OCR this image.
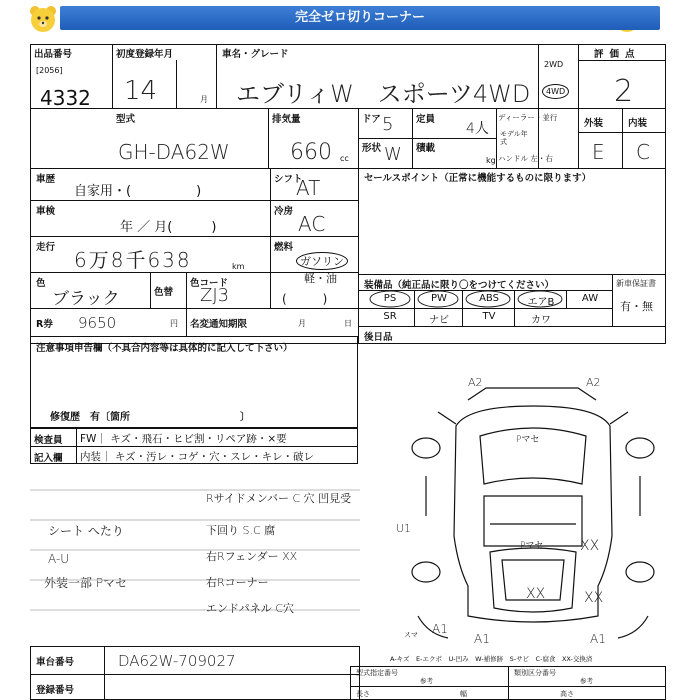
完全ゼロ切りコーナー
出品番号
[2056]
4332
初度登録年月
14	月
車名・グレード
エブリィW　スポーツ4WD
2WD
4WD
評価点
2
型式
GH-DA62W
排気量
660 cc
ドア 5
形状 W
定員
4人
積載
kg
ディーラー・並行
モデル年式
ハンドル 左・右
外装	内装
E C
車歴
自家用・(　　　　　)
シフト
AT
車検
年 ／ 月(　　　)
冷房
AC
走行
6万8千638	km
燃料
ガソリン
軽・油
色
ブラック	色替
色コード
ZJ3	(　　　)
R券 9650	円 名変通知期限	月	日
セールスポイント（正常に機能するものに限ります）
装備品（純正品に限り〇をつけてください）	新車保証書
有・無
PS	PW	ABS	エアB	AW
SR	ナビ	TV	カワ
後日品
注意事項申告欄（不具合内容等は具体的に記入して下さい）
修復歴　有〔箇所　　　　　　　　　　　〕
検査員
記入欄
FW｜ キズ・飛石・ヒビ割・リペア跡・×要
内装｜ キズ・汚レ・コゲ・穴・スレ・キレ・破レ
シート へたり
A-U
外装一部 Pマセ
A2	A2
Pマセ
U1
Pマセ	XX
XX	XX
A1
A1	A1
スマ
Rサイドメンバー C 穴 凹見受
下回り S.C 腐
右Rフェンダー XX
右Rコーナー
エンドパネル C穴
車台番号	DA62W-709027
登録番号
A-キズ　E-エクボ　U-凹み　W-補修跡　S-サビ　C-腐食　XX-交換済
型式指定番号	類別区分番号
参考	参考
長さ	幅	高さ
